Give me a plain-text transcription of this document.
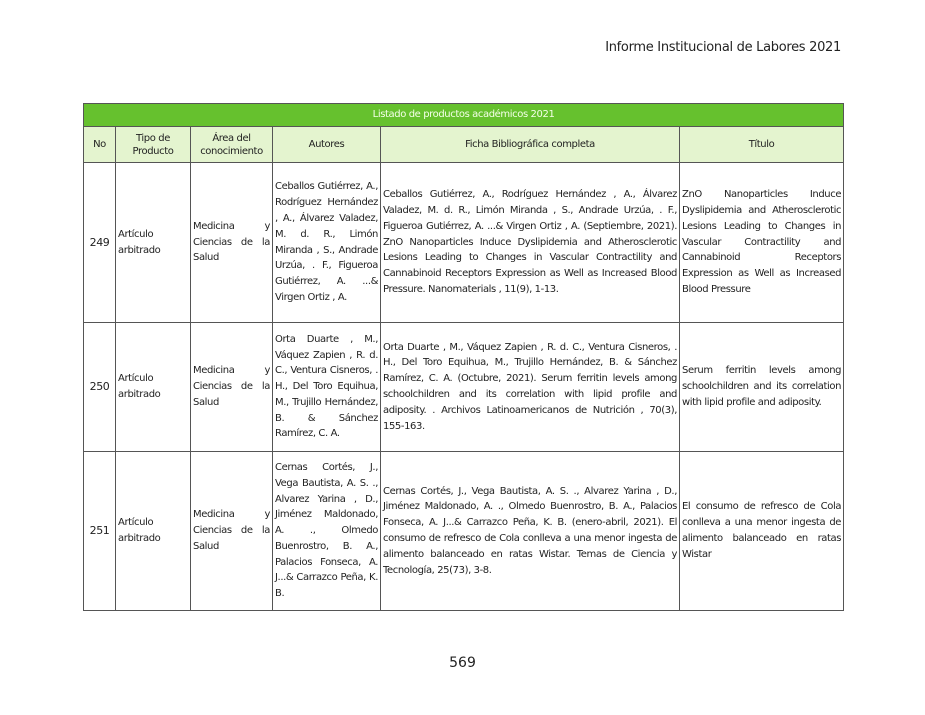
Informe Institucional de Labores 2021
Listado de productos académicos 2021					
No	Tipo de Producto	Área del conocimiento	Autores	Ficha Bibliográfica completa	Título
249	Artículo arbitrado	Medicina y Ciencias de la Salud	Ceballos Gutiérrez, A., Rodríguez Hernández , A., Álvarez Valadez, M. d. R., Limón Miranda , S., Andrade Urzúa, . F., Figueroa Gutiérrez, A. ...& Virgen Ortiz , A.	Ceballos Gutiérrez, A., Rodríguez Hernández , A., Álvarez Valadez, M. d. R., Limón Miranda , S., Andrade Urzúa, . F., Figueroa Gutiérrez, A. ...& Virgen Ortiz , A. (Septiembre, 2021). ZnO Nanoparticles Induce Dyslipidemia and Atherosclerotic Lesions Leading to Changes in Vascular Contractility and Cannabinoid Receptors Expression as Well as Increased Blood Pressure. Nanomaterials , 11(9), 1-13.	ZnO Nanoparticles Induce Dyslipidemia and Atherosclerotic Lesions Leading to Changes in Vascular Contractility and Cannabinoid Receptors Expression as Well as Increased Blood Pressure
250	Artículo arbitrado	Medicina y Ciencias de la Salud	Orta Duarte , M., Váquez Zapien , R. d. C., Ventura Cisneros, . H., Del Toro Equihua, M., Trujillo Hernández, B. & Sánchez Ramírez, C. A.	Orta Duarte , M., Váquez Zapien , R. d. C., Ventura Cisneros, . H., Del Toro Equihua, M., Trujillo Hernández, B. & Sánchez Ramírez, C. A. (Octubre, 2021). Serum ferritin levels among schoolchildren and its correlation with lipid profile and adiposity. . Archivos Latinoamericanos de Nutrición , 70(3), 155-163.	Serum ferritin levels among schoolchildren and its correlation with lipid profile and adiposity.
251	Artículo arbitrado	Medicina y Ciencias de la Salud	Cernas Cortés, J., Vega Bautista, A. S. ., Alvarez Yarina , D., Jiménez Maldonado, A. ., Olmedo Buenrostro, B. A., Palacios Fonseca, A. J...& Carrazco Peña, K. B.	Cernas Cortés, J., Vega Bautista, A. S. ., Alvarez Yarina , D., Jiménez Maldonado, A. ., Olmedo Buenrostro, B. A., Palacios Fonseca, A. J...& Carrazco Peña, K. B. (enero-abril, 2021). El consumo de refresco de Cola conlleva a una menor ingesta de alimento balanceado en ratas Wistar. Temas de Ciencia y Tecnología, 25(73), 3-8.	El consumo de refresco de Cola conlleva a una menor ingesta de alimento balanceado en ratas Wistar
569
